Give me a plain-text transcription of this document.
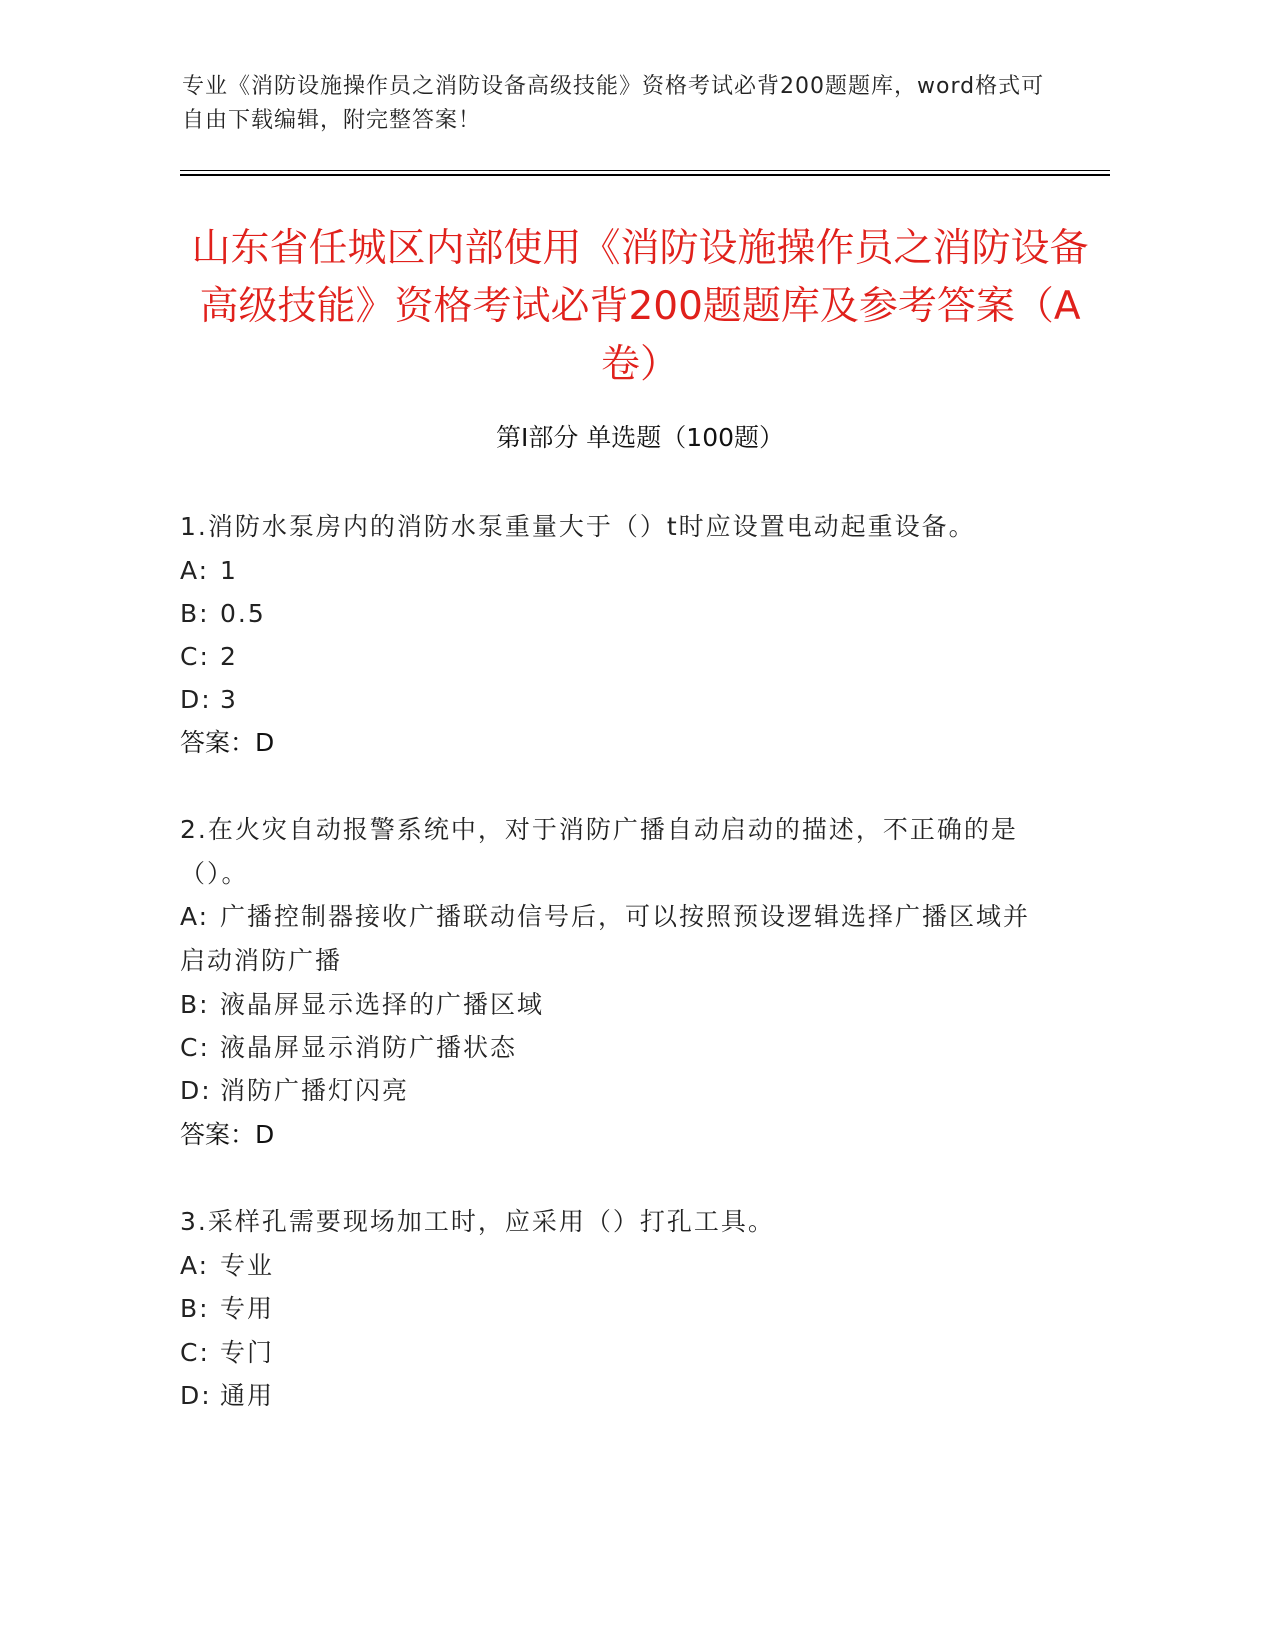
专业《消防设施操作员之消防设备高级技能》资格考试必背200题题库，word格式可自由下载编辑，附完整答案！
山东省任城区内部使用《消防设施操作员之消防设备高级技能》资格考试必背200题题库及参考答案（A卷）
第Ⅰ部分 单选题（100题）
1.消防水泵房内的消防水泵重量大于（）t时应设置电动起重设备。
A: 1
B: 0.5
C: 2
D: 3
答案：D
2.在火灾自动报警系统中，对于消防广播自动启动的描述，不正确的是（）。
A: 广播控制器接收广播联动信号后，可以按照预设逻辑选择广播区域并启动消防广播
B: 液晶屏显示选择的广播区域
C: 液晶屏显示消防广播状态
D: 消防广播灯闪亮
答案：D
3.采样孔需要现场加工时，应采用（）打孔工具。
A: 专业
B: 专用
C: 专门
D: 通用
